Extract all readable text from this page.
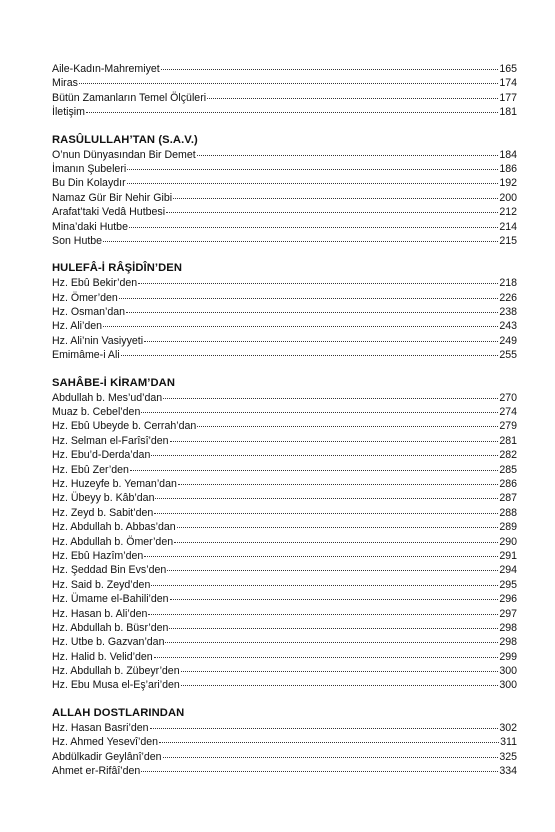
Aile-Kadın-Mahremiyet	165
Miras	174
Bütün Zamanların Temel Ölçüleri	177
İletişim	181
RASÛLULLAH’TAN (S.A.V.)
O’nun Dünyasından Bir Demet	184
İmanın Şubeleri	186
Bu Din Kolaydır	192
Namaz Gür Bir Nehir Gibi	200
Arafat’taki Vedâ Hutbesi	212
Mina’daki Hutbe	214
Son Hutbe	215
HULEFÂ-İ RÂŞİDÎN’DEN
Hz. Ebû Bekir’den	218
Hz. Ömer’den	226
Hz. Osman’dan	238
Hz. Ali’den	243
Hz. Ali’nin Vasiyyeti	249
Emimâme-i Ali	255
SAHÂBE-İ KİRAM’DAN
Abdullah b. Mes’ud’dan	270
Muaz b. Cebel’den	274
Hz. Ebû Ubeyde b. Cerrah’dan	279
Hz. Selman el-Farîsî’den	281
Hz. Ebu’d-Derda’dan	282
Hz. Ebû Zer’den	285
Hz. Huzeyfe b. Yeman’dan	286
Hz. Übeyy b. Kâb’dan	287
Hz. Zeyd b. Sabit’den	288
Hz. Abdullah b. Abbas’dan	289
Hz. Abdullah b. Ömer’den	290
Hz. Ebû Hazîm’den	291
Hz. Şeddad Bin Evs’den	294
Hz. Said b. Zeyd’den	295
Hz. Ümame el-Bahili’den	296
Hz. Hasan b. Ali’den	297
Hz. Abdullah b. Büsr’den	298
Hz. Utbe b. Gazvan’dan	298
Hz. Halid b. Velid’den	299
Hz. Abdullah b. Zübeyr’den	300
Hz. Ebu Musa el-Eş’ari’den	300
ALLAH DOSTLARINDAN
Hz. Hasan Basri’den	302
Hz. Ahmed Yesevî’den	311
Abdülkadir Geylânî’den	325
Ahmet er-Rifâî’den	334
